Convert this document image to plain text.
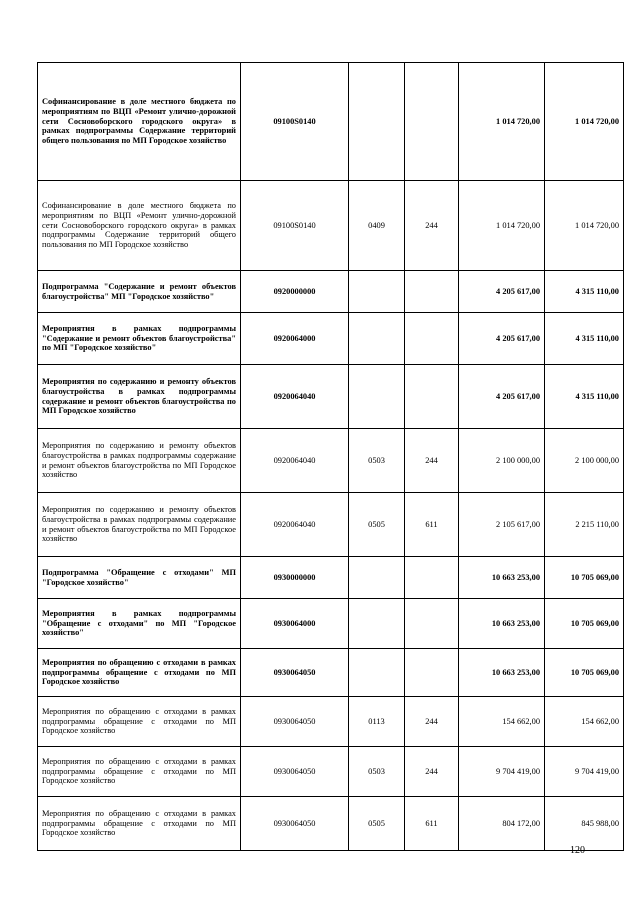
Софинансирование в доле местного бюджета по мероприятиям по ВЦП «Ремонт улично-дорожной сети Сосновоборского городского округа» в рамках подпрограммы Содержание территорий общего пользования по МП Городское хозяйство	09100S0140			1 014 720,00	1 014 720,00
Софинансирование в доле местного бюджета по мероприятиям по ВЦП «Ремонт улично-дорожной сети Сосновоборского городского округа» в рамках подпрограммы Содержание территорий общего пользования по МП Городское хозяйство	09100S0140	0409	244	1 014 720,00	1 014 720,00
Подпрограмма "Содержание и ремонт объектов благоустройства" МП "Городское хозяйство"	0920000000			4 205 617,00	4 315 110,00
Мероприятия в рамках подпрограммы "Содержание и ремонт объектов благоустройства" по МП "Городское хозяйство"	0920064000			4 205 617,00	4 315 110,00
Мероприятия по содержанию и ремонту объектов благоустройства в рамках подпрограммы содержание и ремонт объектов благоустройства по МП Городское хозяйство	0920064040			4 205 617,00	4 315 110,00
Мероприятия по содержанию и ремонту объектов благоустройства в рамках подпрограммы содержание и ремонт объектов благоустройства по МП Городское хозяйство	0920064040	0503	244	2 100 000,00	2 100 000,00
Мероприятия по содержанию и ремонту объектов благоустройства в рамках подпрограммы содержание и ремонт объектов благоустройства по МП Городское хозяйство	0920064040	0505	611	2 105 617,00	2 215 110,00
Подпрограмма "Обращение с отходами" МП "Городское хозяйство"	0930000000			10 663 253,00	10 705 069,00
Мероприятия в рамках подпрограммы "Обращение с отходами" по МП "Городское хозяйство"	0930064000			10 663 253,00	10 705 069,00
Мероприятия по обращению с отходами в рамках подпрограммы обращение с отходами по МП Городское хозяйство	0930064050			10 663 253,00	10 705 069,00
Мероприятия по обращению с отходами в рамках подпрограммы обращение с отходами по МП Городское хозяйство	0930064050	0113	244	154 662,00	154 662,00
Мероприятия по обращению с отходами в рамках подпрограммы обращение с отходами по МП Городское хозяйство	0930064050	0503	244	9 704 419,00	9 704 419,00
Мероприятия по обращению с отходами в рамках подпрограммы обращение с отходами по МП Городское хозяйство	0930064050	0505	611	804 172,00	845 988,00
120
